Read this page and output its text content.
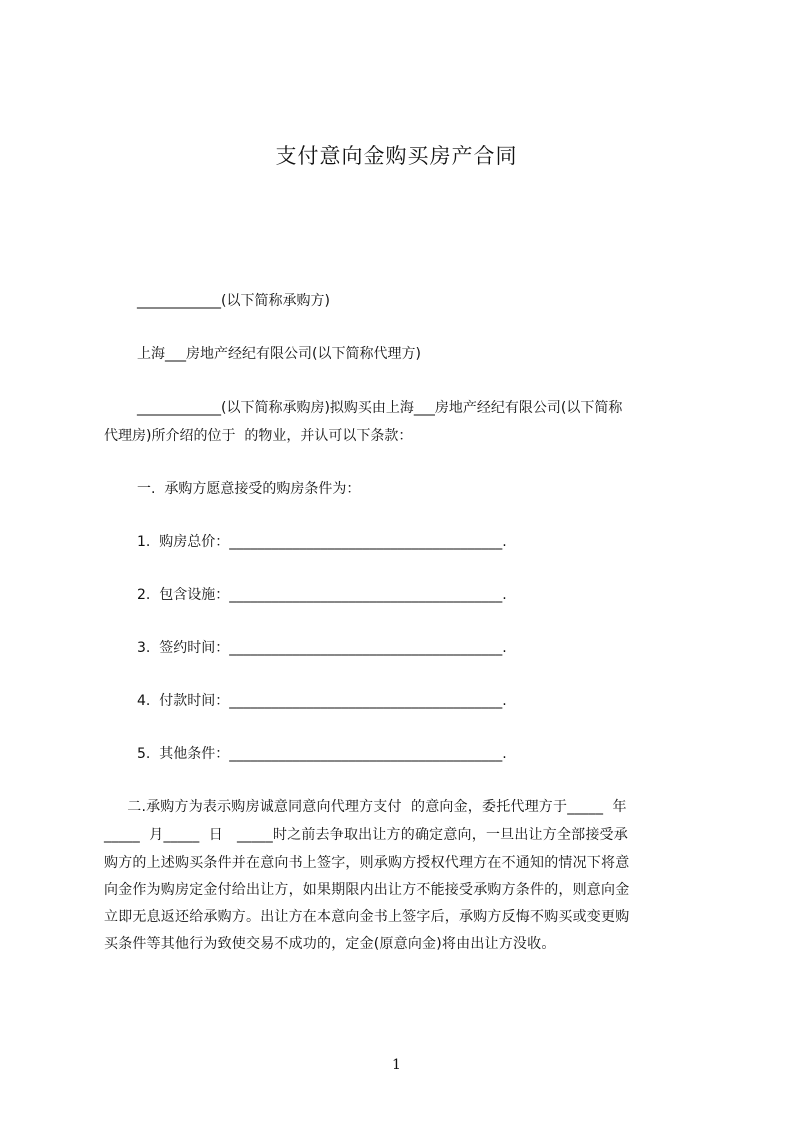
支付意向金购买房产合同

____________(以下简称承购方)

上海___房地产经纪有限公司(以下简称代理方)

____________(以下简称承购房)拟购买由上海___房地产经纪有限公司(以下简称

代理房)所介绍的位于  的物业，并认可以下条款：

一.  承购方愿意接受的购房条件为：

1.  购房总价：_______________________________________.

2.  包含设施：_______________________________________.

3.  签约时间：_______________________________________.

4.  付款时间：_______________________________________.

5.  其他条件：_______________________________________.

二.承购方为表示购房诚意同意向代理方支付  的意向金，委托代理方于_____  年

_____  月_____  日   _____时之前去争取出让方的确定意向，一旦出让方全部接受承

购方的上述购买条件并在意向书上签字，则承购方授权代理方在不通知的情况下将意

向金作为购房定金付给出让方，如果期限内出让方不能接受承购方条件的，则意向金

立即无息返还给承购方。出让方在本意向金书上签字后，承购方反悔不购买或变更购

买条件等其他行为致使交易不成功的，定金(原意向金)将由出让方没收。

1
